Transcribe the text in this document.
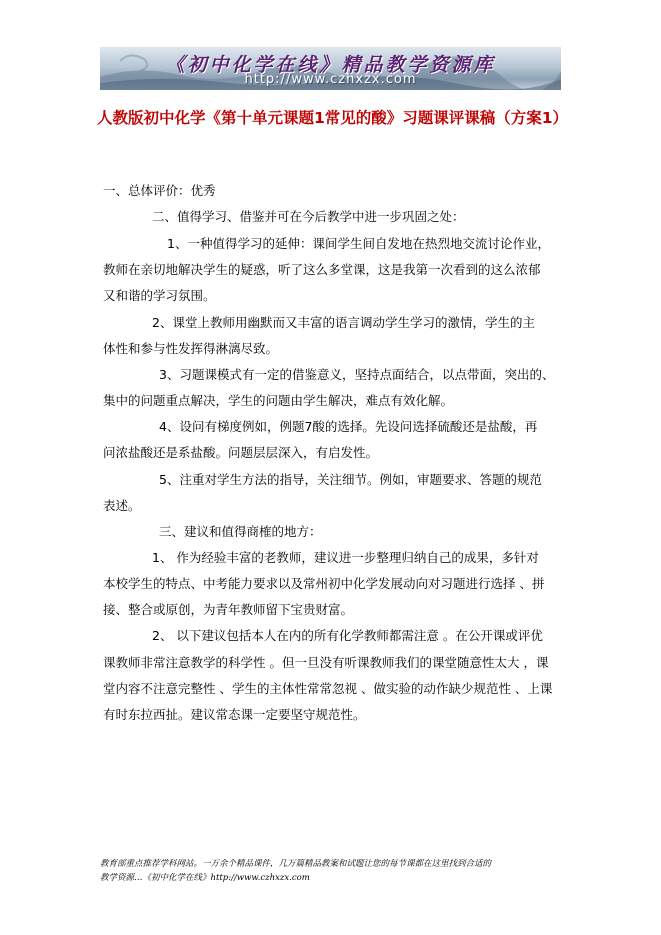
《初中化学在线》精品教学资源库
http://www.czhxzx.com
人教版初中化学《第十单元课题1常见的酸》习题课评课稿（方案1）
一、总体评价：优秀
二、值得学习、借鉴并可在今后教学中进一步巩固之处：
1、一种值得学习的延伸：课间学生间自发地在热烈地交流讨论作业，
教师在亲切地解决学生的疑惑，听了这么多堂课，这是我第一次看到的这么浓郁
又和谐的学习氛围。
2、课堂上教师用幽默而又丰富的语言调动学生学习的激情，学生的主
体性和参与性发挥得淋漓尽致。
3、习题课模式有一定的借鉴意义，坚持点面结合，以点带面，突出的、
集中的问题重点解决，学生的问题由学生解决，难点有效化解。
4、设问有梯度例如，例题7酸的选择。先设问选择硫酸还是盐酸，再
问浓盐酸还是系盐酸。问题层层深入，有启发性。
5、注重对学生方法的指导，关注细节。例如，审题要求、答题的规范
表述。
三、建议和值得商榷的地方：
1、 作为经验丰富的老教师，建议进一步整理归纳自己的成果，多针对
本校学生的特点、中考能力要求以及常州初中化学发展动向对习题进行选择 、拼
接、整合或原创，为青年教师留下宝贵财富。
2、 以下建议包括本人在内的所有化学教师都需注意 。在公开课或评优
课教师非常注意教学的科学性 。但一旦没有听课教师我们的课堂随意性太大 ，课
堂内容不注意完整性 、学生的主体性常常忽视 、做实验的动作缺少规范性 、上课
有时东拉西扯。建议常态课一定要坚守规范性。
教育部重点推荐学科网站。一万余个精品课件，几万篇精品教案和试题让您的每节课都在这里找到合适的
教学资源…《初中化学在线》http://www.czhxzx.com
